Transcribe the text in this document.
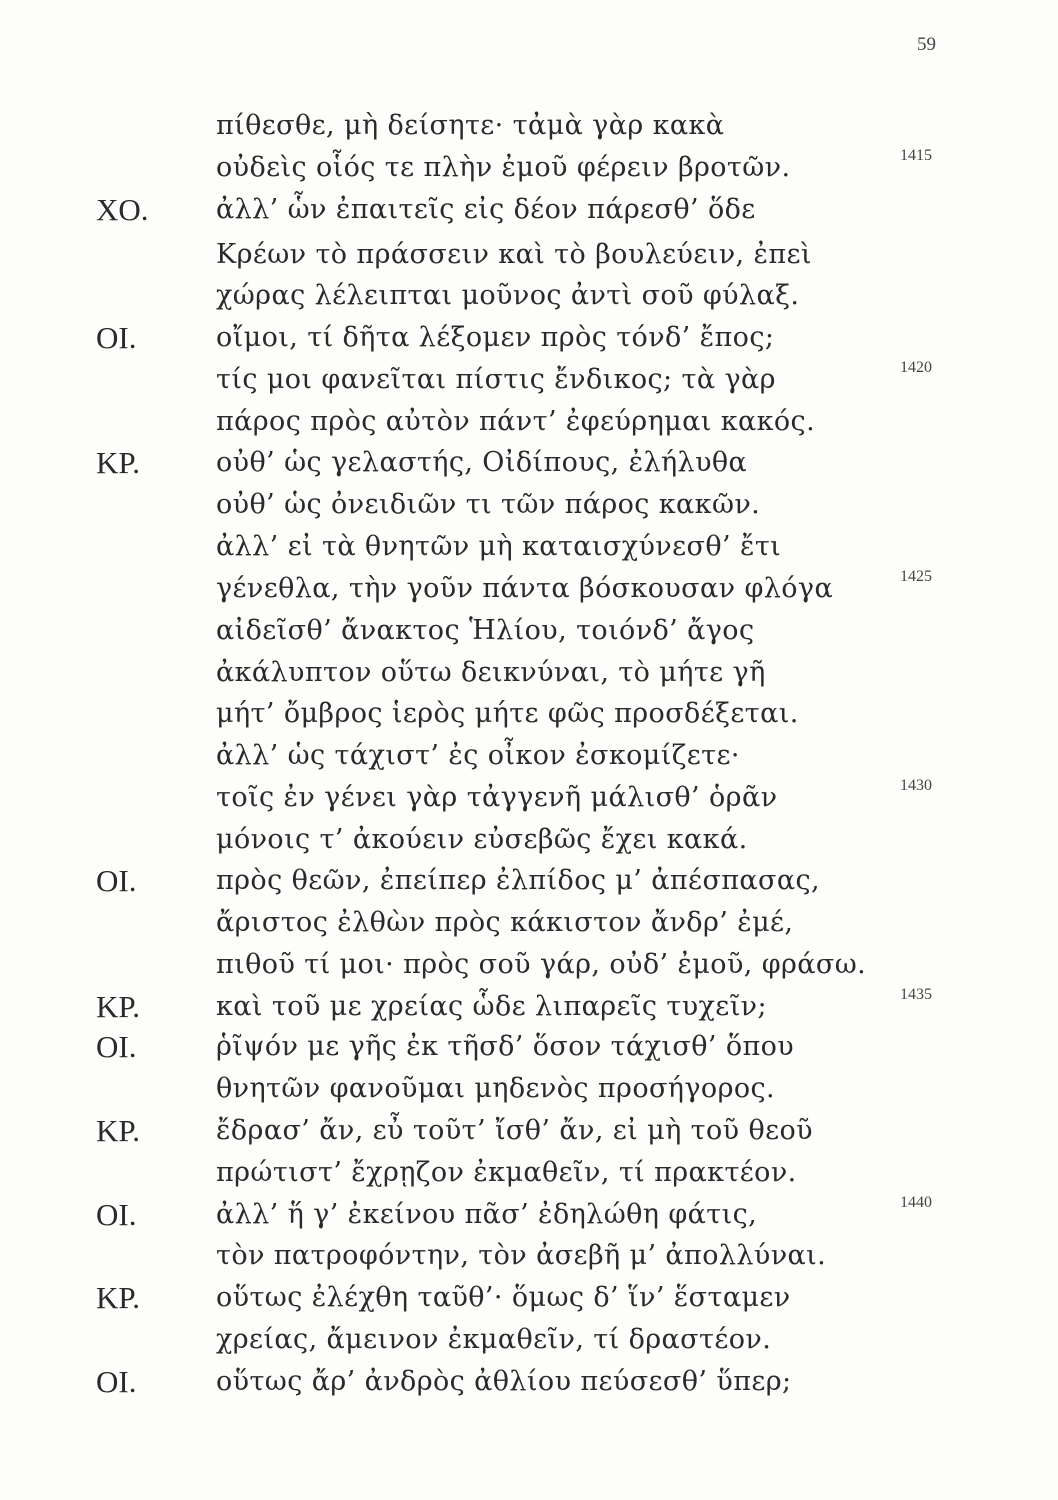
59
πίθεσθε, μὴ δείσητε· τἀμὰ γὰρ κακὰ
οὐδεὶς οἷός τε πλὴν ἐμοῦ φέρειν βροτῶν.	1415
ΧΟ. ἀλλ’ ὧν ἐπαιτεῖς εἰς δέον πάρεσθ’ ὅδε
Κρέων τὸ πράσσειν καὶ τὸ βουλεύειν, ἐπεὶ
χώρας λέλειπται μοῦνος ἀντὶ σοῦ φύλαξ.
ΟΙ.	οἴμοι, τί δῆτα λέξομεν πρὸς τόνδ’ ἔπος;
τίς μοι φανεῖται πίστις ἔνδικος; τὰ γὰρ	1420
πάρος πρὸς αὐτὸν πάντ’ ἐφεύρημαι κακός.
ΚΡ.	οὐθ’ ὡς γελαστής, Οἰδίπους, ἐλήλυθα
οὐθ’ ὡς ὀνειδιῶν τι τῶν πάρος κακῶν.
ἀλλ’ εἰ τὰ θνητῶν μὴ καταισχύνεσθ’ ἔτι
γένεθλα, τὴν γοῦν πάντα βόσκουσαν φλόγα	1425
αἰδεῖσθ’ ἄνακτος Ἡλίου, τοιόνδ’ ἄγος
ἀκάλυπτον οὕτω δεικνύναι, τὸ μήτε γῆ
μήτ’ ὄμβρος ἱερὸς μήτε φῶς προσδέξεται.
ἀλλ’ ὡς τάχιστ’ ἐς οἶκον ἐσκομίζετε·
τοῖς ἐν γένει γὰρ τἀγγενῆ μάλισθ’ ὁρᾶν	1430
μόνοις τ’ ἀκούειν εὐσεβῶς ἔχει κακά.
ΟΙ.	πρὸς θεῶν, ἐπείπερ ἐλπίδος μ’ ἀπέσπασας,
ἄριστος ἐλθὼν πρὸς κάκιστον ἄνδρ’ ἐμέ,
πιθοῦ τί μοι· πρὸς σοῦ γάρ, οὐδ’ ἐμοῦ, φράσω.
ΚΡ.	καὶ τοῦ με χρείας ὧδε λιπαρεῖς τυχεῖν;	1435
ΟΙ.	ῥῖψόν με γῆς ἐκ τῆσδ’ ὅσον τάχισθ’ ὅπου
θνητῶν φανοῦμαι μηδενὸς προσήγορος.
ΚΡ.	ἔδρασ’ ἄν, εὖ τοῦτ’ ἴσθ’ ἄν, εἰ μὴ τοῦ θεοῦ
πρώτιστ’ ἔχρῃζον ἐκμαθεῖν, τί πρακτέον.
ΟΙ.	ἀλλ’ ἥ γ’ ἐκείνου πᾶσ’ ἐδηλώθη φάτις,	1440
τὸν πατροφόντην, τὸν ἀσεβῆ μ’ ἀπολλύναι.
ΚΡ.	οὕτως ἐλέχθη ταῦθ’· ὅμως δ’ ἵν’ ἕσταμεν
χρείας, ἄμεινον ἐκμαθεῖν, τί δραστέον.
ΟΙ.	οὕτως ἄρ’ ἀνδρὸς ἀθλίου πεύσεσθ’ ὕπερ;
